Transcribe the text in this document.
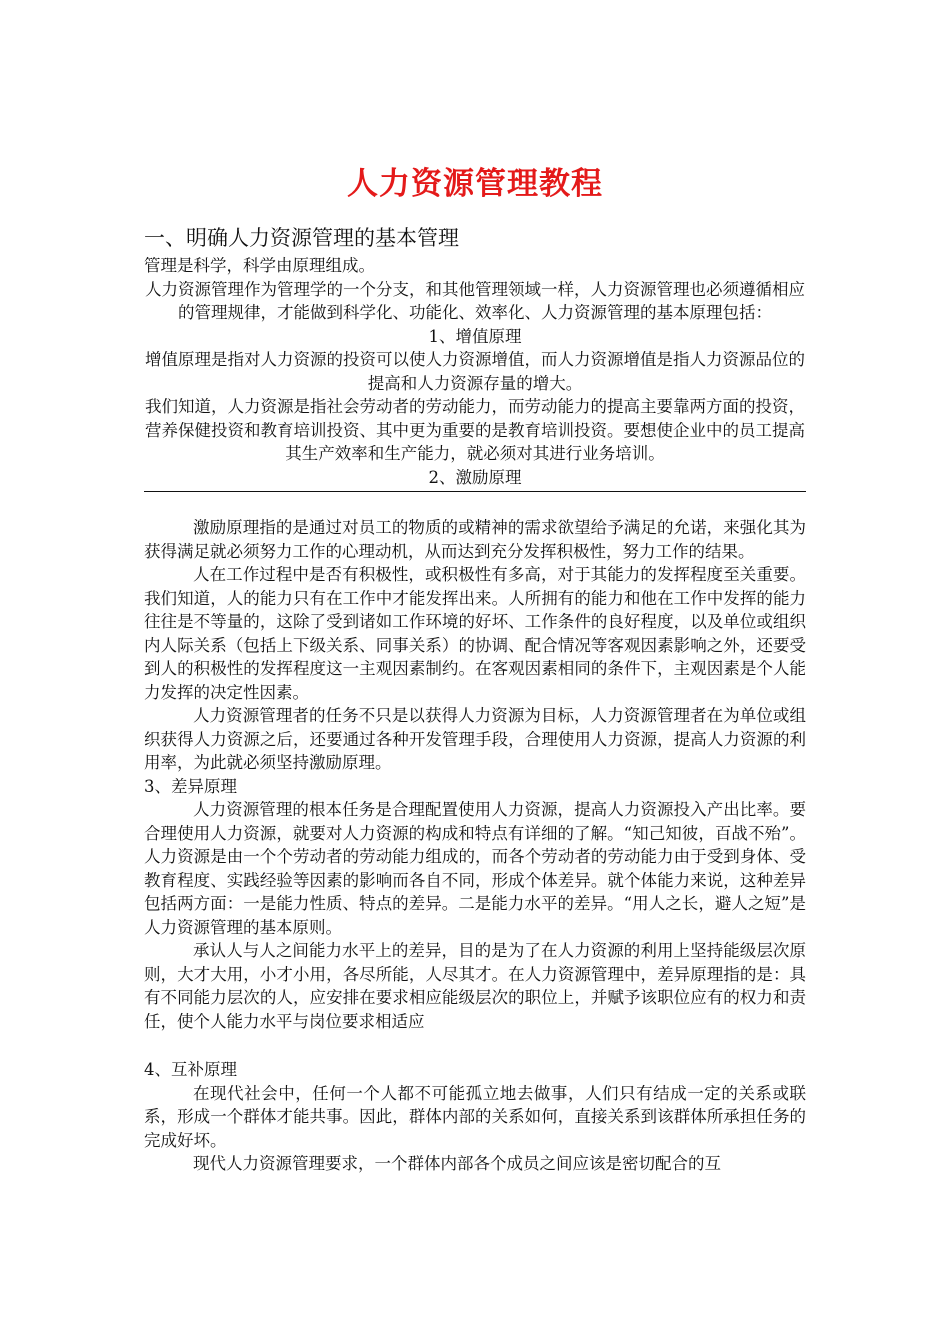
人力资源管理教程

一、明确人力资源管理的基本管理

管理是科学，科学由原理组成。

人力资源管理作为管理学的一个分支，和其他管理领域一样，人力资源管理也必须遵循相应的管理规律，才能做到科学化、功能化、效率化、人力资源管理的基本原理包括：

1、增值原理

增值原理是指对人力资源的投资可以使人力资源增值，而人力资源增值是指人力资源品位的提高和人力资源存量的增大。

我们知道，人力资源是指社会劳动者的劳动能力，而劳动能力的提高主要靠两方面的投资，营养保健投资和教育培训投资、其中更为重要的是教育培训投资。要想使企业中的员工提高其生产效率和生产能力，就必须对其进行业务培训。

2、激励原理

激励原理指的是通过对员工的物质的或精神的需求欲望给予满足的允诺，来强化其为获得满足就必须努力工作的心理动机，从而达到充分发挥积极性，努力工作的结果。

人在工作过程中是否有积极性，或积极性有多高，对于其能力的发挥程度至关重要。我们知道，人的能力只有在工作中才能发挥出来。人所拥有的能力和他在工作中发挥的能力往往是不等量的，这除了受到诸如工作环境的好坏、工作条件的良好程度，以及单位或组织内人际关系（包括上下级关系、同事关系）的协调、配合情况等客观因素影响之外，还要受到人的积极性的发挥程度这一主观因素制约。在客观因素相同的条件下，主观因素是个人能力发挥的决定性因素。

人力资源管理者的任务不只是以获得人力资源为目标，人力资源管理者在为单位或组织获得人力资源之后，还要通过各种开发管理手段，合理使用人力资源，提高人力资源的利用率，为此就必须坚持激励原理。

3、差异原理

人力资源管理的根本任务是合理配置使用人力资源，提高人力资源投入产出比率。要合理使用人力资源，就要对人力资源的构成和特点有详细的了解。“知己知彼，百战不殆”。人力资源是由一个个劳动者的劳动能力组成的，而各个劳动者的劳动能力由于受到身体、受教育程度、实践经验等因素的影响而各自不同，形成个体差异。就个体能力来说，这种差异包括两方面：一是能力性质、特点的差异。二是能力水平的差异。“用人之长，避人之短”是人力资源管理的基本原则。

承认人与人之间能力水平上的差异，目的是为了在人力资源的利用上坚持能级层次原则，大才大用，小才小用，各尽所能，人尽其才。在人力资源管理中，差异原理指的是：具有不同能力层次的人，应安排在要求相应能级层次的职位上，并赋予该职位应有的权力和责任，使个人能力水平与岗位要求相适应

4、互补原理

在现代社会中，任何一个人都不可能孤立地去做事，人们只有结成一定的关系或联系，形成一个群体才能共事。因此，群体内部的关系如何，直接关系到该群体所承担任务的完成好坏。

现代人力资源管理要求，一个群体内部各个成员之间应该是密切配合的互
